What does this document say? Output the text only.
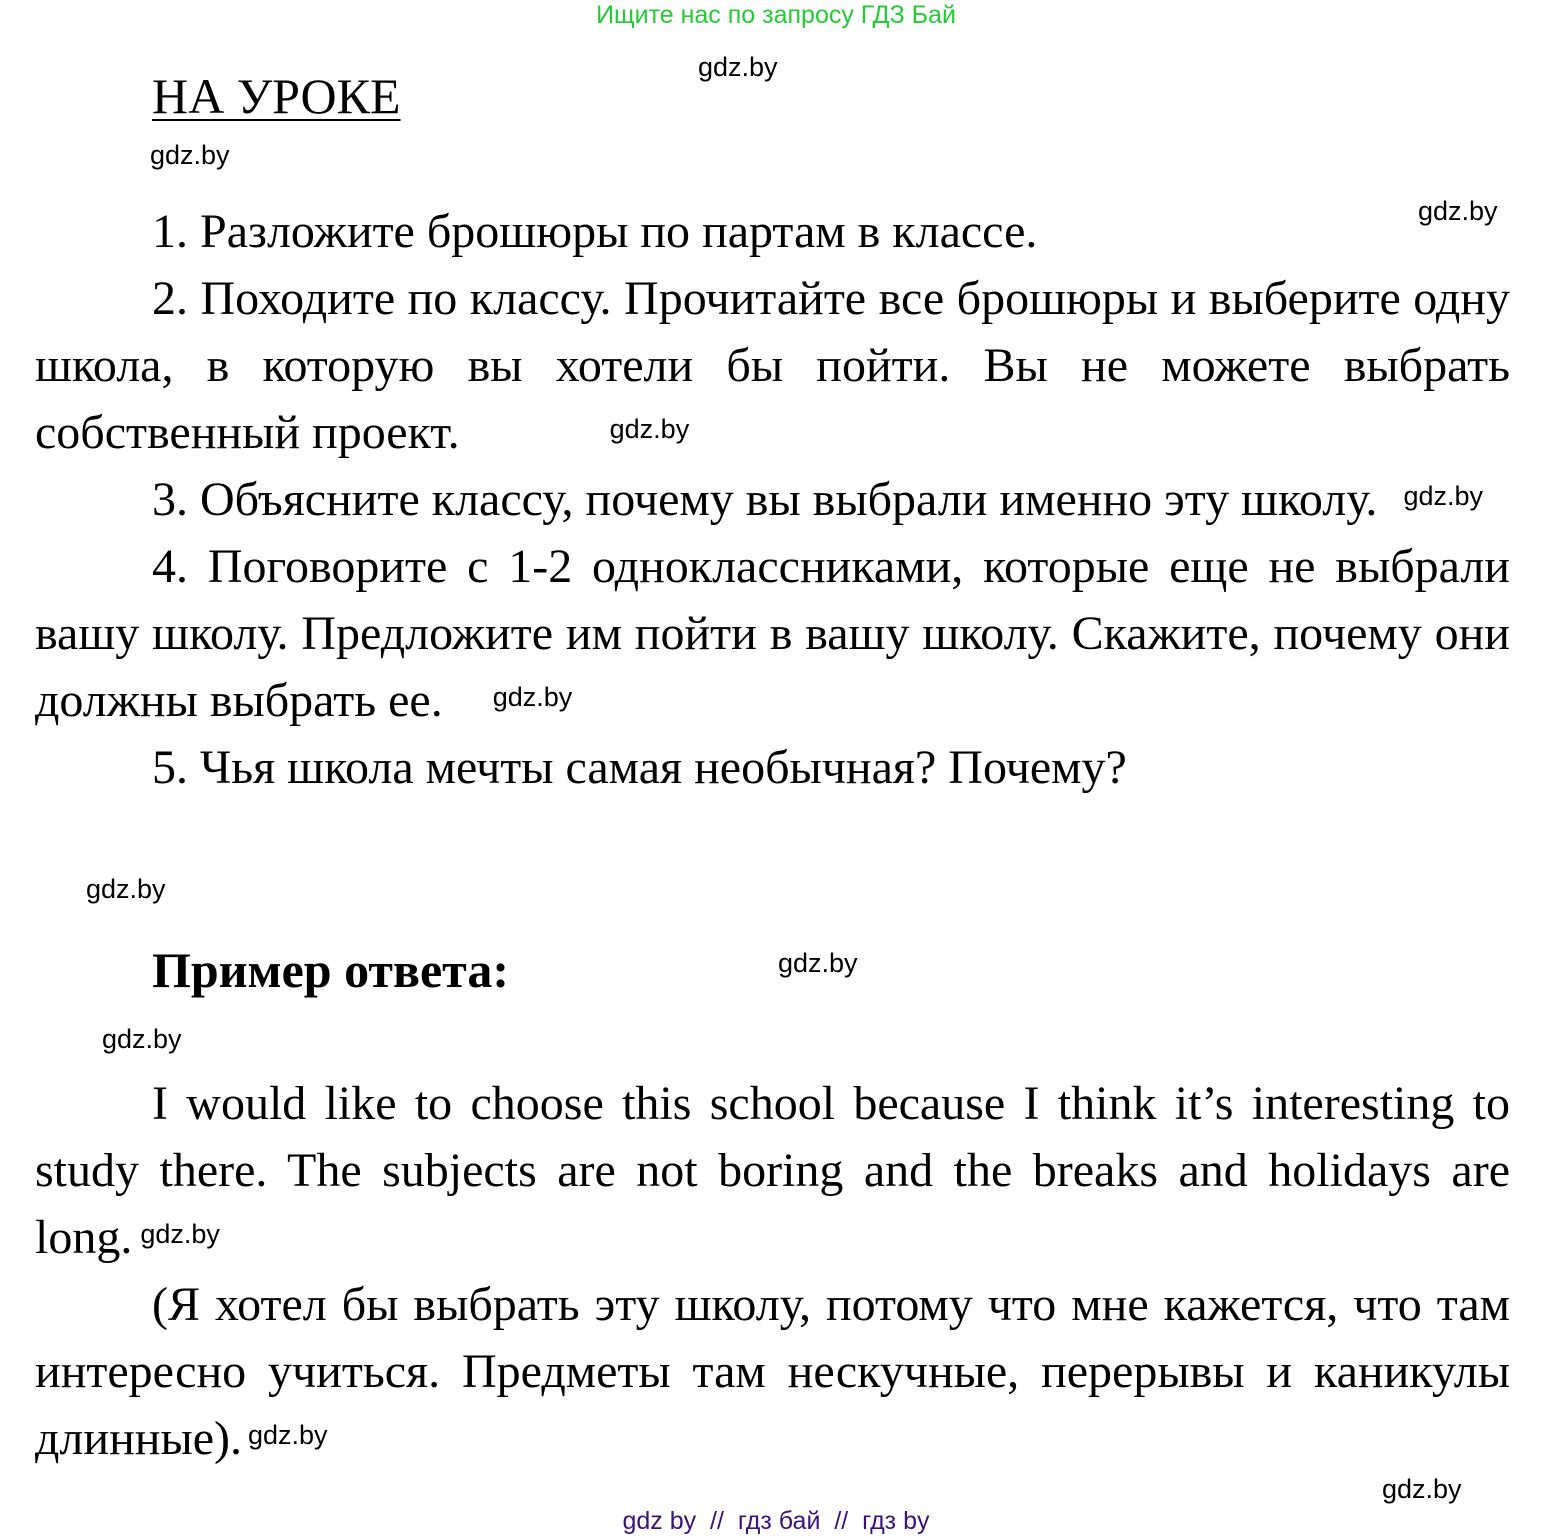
Ищите нас по запросу ГДЗ Бай
НА УРОКЕ

1. Разложите брошюры по партам в классе.

2. Походите по классу. Прочитайте все брошюры и выберите одну школа, в которую вы хотели бы пойти. Вы не можете выбрать собственный проект.	gdz.by

3. Объясните классу, почему вы выбрали именно эту школу. gdz.by

4. Поговорите с 1-2 одноклассниками, которые еще не выбрали вашу школу. Предложите им пойти в вашу школу. Скажите, почему они должны выбрать ее. gdz.by

5. Чья школа мечты самая необычная? Почему?

Пример ответа:

I would like to choose this school because I think it’s interesting to study there. The subjects are not boring and the breaks and holidays are long. gdz.by

(Я хотел бы выбрать эту школу, потому что мне кажется, что там интересно учиться. Предметы там нескучные, перерывы и каникулы длинные). gdz.by

gdz.by
gdz.by
gdz.by
gdz.by
gdz.by
gdz.by
gdz.by
gdz by  //  гдз бай  //  гдз by
